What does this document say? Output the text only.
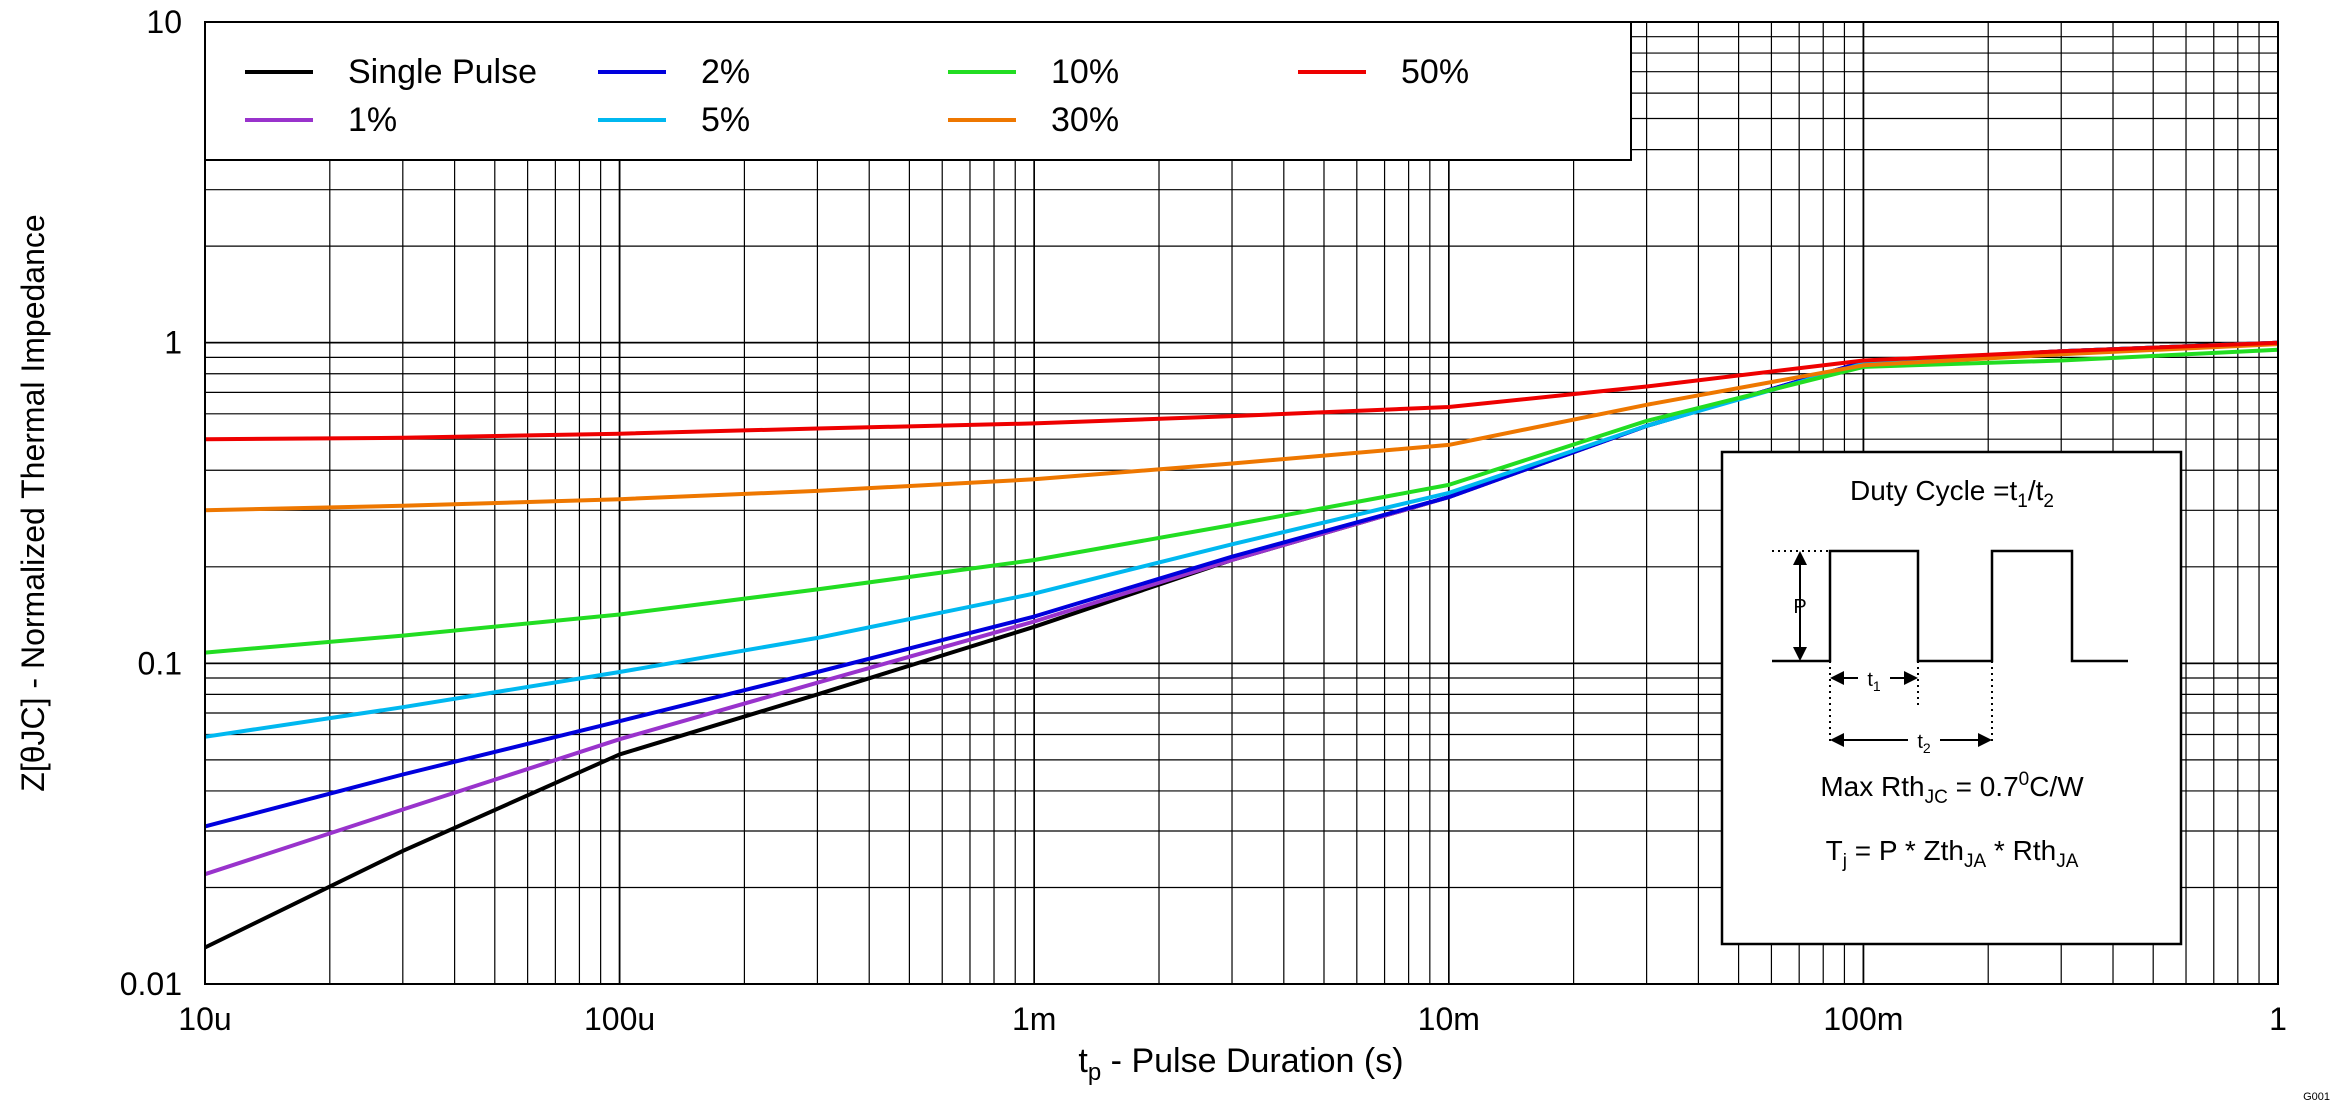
10u	100u	1m	10m	100m	1
0.01
0.1
1
10
$t_p$ - Pulse Duration (s)
Z[θJC] - Normalized Thermal Impedance
Single Pulse
1%
2%
5%
10%
30%
50%
Duty Cycle $=t_1/t_2$
P
$t_1$
$t_2$
Max $Rth_{JC} = 0.7^0C/W$
$T_j = P * Zth_{JA} * Rth_{JA}$
G001
